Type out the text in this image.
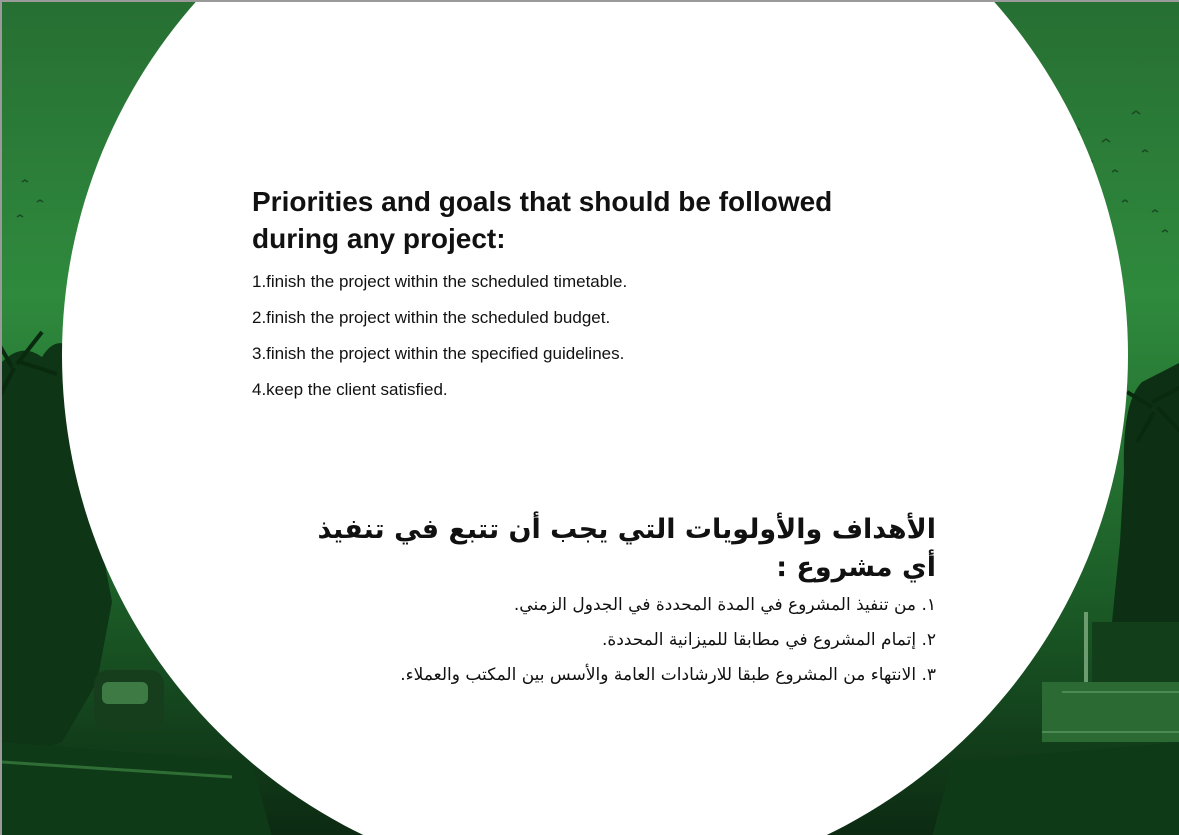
Priorities and goals that should be followed during any project:
1.finish the project within the scheduled timetable.
2.finish the project within the scheduled budget.
3.finish the project within the specified guidelines.
4.keep the client satisfied.
الأهداف والأولويات التي يجب أن تتبع في تنفيذ أي مشروع :
١. من تنفيذ المشروع في المدة المحددة في الجدول الزمني.
٢. إتمام المشروع في مطابقا للميزانية المحددة.
٣. الانتهاء من المشروع طبقا للارشادات العامة والأسس بين المكتب والعملاء.
